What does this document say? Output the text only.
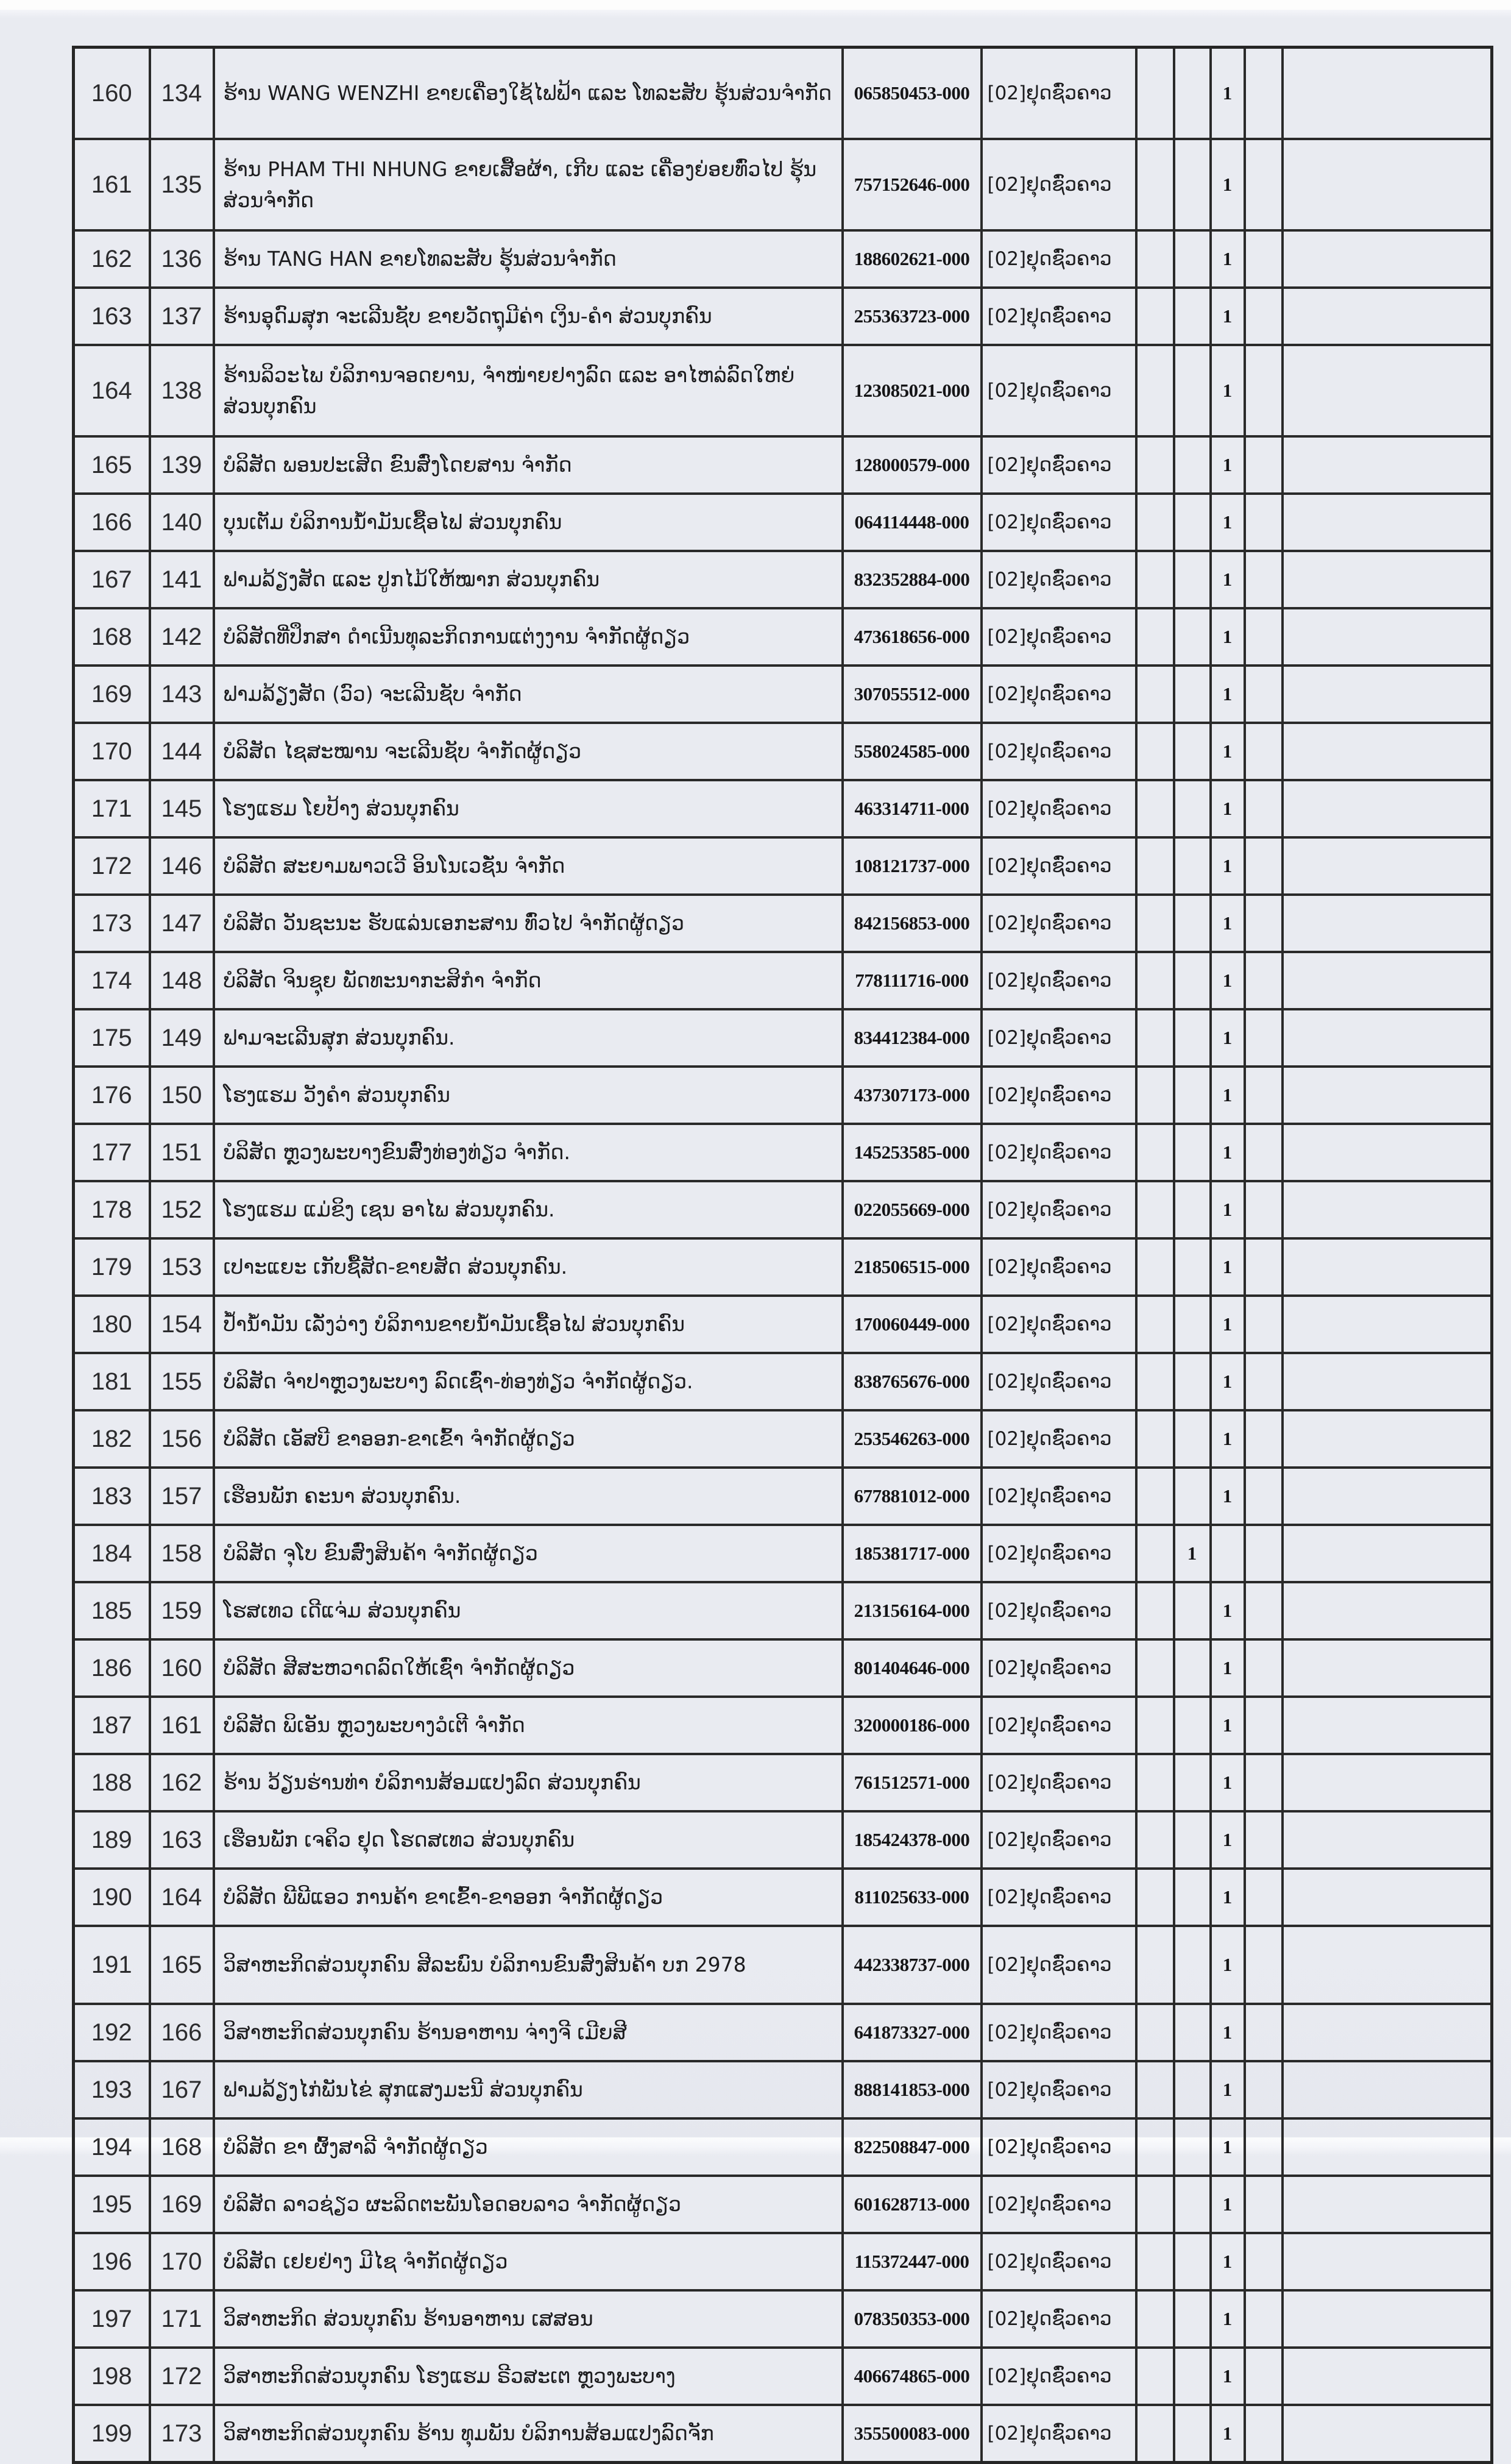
160	134	ຮ້ານ WANG WENZHI ຂາຍເຄື່ອງໃຊ້ໄຟຟ້າ ແລະ ໂທລະສັບ ຮຸ້ນສ່ວນຈຳກັດ	065850453-000	[02]ຢຸດຊົ່ວຄາວ			1		
161	135	ຮ້ານ PHAM THI NHUNG ຂາຍເສື້ອຜ້າ, ເກີບ ແລະ ເຄື່ອງຍ່ອຍທົ່ວໄປ ຮຸ້ນສ່ວນຈຳກັດ	757152646-000	[02]ຢຸດຊົ່ວຄາວ			1		
162	136	ຮ້ານ TANG HAN ຂາຍໂທລະສັບ ຮຸ້ນສ່ວນຈຳກັດ	188602621-000	[02]ຢຸດຊົ່ວຄາວ			1		
163	137	ຮ້ານອຸດົມສຸກ ຈະເລີນຊັບ ຂາຍວັດຖຸມີຄ່າ ເງິນ-ຄຳ ສ່ວນບຸກຄົນ	255363723-000	[02]ຢຸດຊົ່ວຄາວ			1		
164	138	ຮ້ານລິວະໄພ ບໍລິການຈອດຍານ, ຈຳໜ່າຍຢາງລົດ ແລະ ອາໄຫລ່ລົດໃຫຍ່ ສ່ວນບຸກຄົນ	123085021-000	[02]ຢຸດຊົ່ວຄາວ			1		
165	139	ບໍລິສັດ ພອນປະເສີດ ຂົນສົ່ງໂດຍສານ ຈຳກັດ	128000579-000	[02]ຢຸດຊົ່ວຄາວ			1		
166	140	ບຸນເຕັມ ບໍລິການນ້ຳມັນເຊື້ອໄຟ ສ່ວນບຸກຄົນ	064114448-000	[02]ຢຸດຊົ່ວຄາວ			1		
167	141	ຟາມລ້ຽງສັດ ແລະ ປູກໄມ້ໃຫ້ໝາກ ສ່ວນບຸກຄົນ	832352884-000	[02]ຢຸດຊົ່ວຄາວ			1		
168	142	ບໍລິສັດທີ່ປຶກສາ ດຳເນີນທຸລະກິດການແຕ່ງງານ ຈຳກັດຜູ້ດຽວ	473618656-000	[02]ຢຸດຊົ່ວຄາວ			1		
169	143	ຟາມລ້ຽງສັດ (ວົວ) ຈະເລີນຊັບ ຈຳກັດ	307055512-000	[02]ຢຸດຊົ່ວຄາວ			1		
170	144	ບໍລິສັດ ໄຊສະໝານ ຈະເລີນຊັບ ຈຳກັດຜູ້ດຽວ	558024585-000	[02]ຢຸດຊົ່ວຄາວ			1		
171	145	ໂຮງແຮມ ໂຍປ້າງ ສ່ວນບຸກຄົນ	463314711-000	[02]ຢຸດຊົ່ວຄາວ			1		
172	146	ບໍລິສັດ ສະຍາມພາວເວີ ອິນໂນເວຊັ່ນ ຈຳກັດ	108121737-000	[02]ຢຸດຊົ່ວຄາວ			1		
173	147	ບໍລິສັດ ວັນຊະນະ ຮັບແລ່ນເອກະສານ ທົ່ວໄປ ຈຳກັດຜູ້ດຽວ	842156853-000	[02]ຢຸດຊົ່ວຄາວ			1		
174	148	ບໍລິສັດ ຈິນຊຸຍ ພັດທະນາກະສິກຳ ຈຳກັດ	778111716-000	[02]ຢຸດຊົ່ວຄາວ			1		
175	149	ຟາມຈະເລີນສຸກ ສ່ວນບຸກຄົນ.	834412384-000	[02]ຢຸດຊົ່ວຄາວ			1		
176	150	ໂຮງແຮມ ວັງຄຳ ສ່ວນບຸກຄົນ	437307173-000	[02]ຢຸດຊົ່ວຄາວ			1		
177	151	ບໍລິສັດ ຫຼວງພະບາງຂົນສົ່ງທ່ອງທ່ຽວ ຈຳກັດ.	145253585-000	[02]ຢຸດຊົ່ວຄາວ			1		
178	152	ໂຮງແຮມ ແມ່ຂິງ ເຊນ ອາໄພ ສ່ວນບຸກຄົນ.	022055669-000	[02]ຢຸດຊົ່ວຄາວ			1		
179	153	ເປາະແຍະ ເກັບຊື້ສັດ-ຂາຍສັດ ສ່ວນບຸກຄົນ.	218506515-000	[02]ຢຸດຊົ່ວຄາວ			1		
180	154	ປ້ຳນ້ຳມັນ ເລັ່ງວ່າງ ບໍລິການຂາຍນ້ຳມັນເຊື້ອໄຟ ສ່ວນບຸກຄົນ	170060449-000	[02]ຢຸດຊົ່ວຄາວ			1		
181	155	ບໍລິສັດ ຈຳປາຫຼວງພະບາງ ລົດເຊົ່າ-ທ່ອງທ່ຽວ ຈຳກັດຜູ້ດຽວ.	838765676-000	[02]ຢຸດຊົ່ວຄາວ			1		
182	156	ບໍລິສັດ ເອັສບີ ຂາອອກ-ຂາເຂົ້າ ຈຳກັດຜູ້ດຽວ	253546263-000	[02]ຢຸດຊົ່ວຄາວ			1		
183	157	ເຮືອນພັກ ຄະນາ ສ່ວນບຸກຄົນ.	677881012-000	[02]ຢຸດຊົ່ວຄາວ			1		
184	158	ບໍລິສັດ ຈຸໂບ ຂົນສົ່ງສິນຄ້າ ຈຳກັດຜູ້ດຽວ	185381717-000	[02]ຢຸດຊົ່ວຄາວ		1			
185	159	ໂຮສເທວ ເດີແຈ່ມ ສ່ວນບຸກຄົນ	213156164-000	[02]ຢຸດຊົ່ວຄາວ			1		
186	160	ບໍລິສັດ ສີສະຫວາດລົດໃຫ້ເຊົ່າ ຈຳກັດຜູ້ດຽວ	801404646-000	[02]ຢຸດຊົ່ວຄາວ			1		
187	161	ບໍລິສັດ ພິເອັນ ຫຼວງພະບາງວໍເຕີ ຈຳກັດ	320000186-000	[02]ຢຸດຊົ່ວຄາວ			1		
188	162	ຮ້ານ ວ້ຽນຮ່ານທ່າ ບໍລິການສ້ອມແປງລົດ ສ່ວນບຸກຄົນ	761512571-000	[02]ຢຸດຊົ່ວຄາວ			1		
189	163	ເຮືອນພັກ ເຈຄິວ ຢຸດ ໂຮດສເທວ ສ່ວນບຸກຄົນ	185424378-000	[02]ຢຸດຊົ່ວຄາວ			1		
190	164	ບໍລິສັດ ພີພີແອວ ການຄ້າ ຂາເຂົ້າ-ຂາອອກ ຈຳກັດຜູ້ດຽວ	811025633-000	[02]ຢຸດຊົ່ວຄາວ			1		
191	165	ວິສາຫະກິດສ່ວນບຸກຄົນ ສີລະພົນ ບໍລິການຂົນສົ່ງສິນຄ້າ ບກ 2978	442338737-000	[02]ຢຸດຊົ່ວຄາວ			1		
192	166	ວິສາຫະກິດສ່ວນບຸກຄົນ ຮ້ານອາຫານ ຈ່າງຈີ ເມີຍສີ	641873327-000	[02]ຢຸດຊົ່ວຄາວ			1		
193	167	ຟາມລ້ຽງໄກ່ພັນໄຂ່ ສຸກແສງມະນີ ສ່ວນບຸກຄົນ	888141853-000	[02]ຢຸດຊົ່ວຄາວ			1		
194	168	ບໍລິສັດ ຂາ ຜົ້ງສາລີ ຈຳກັດຜູ້ດຽວ	822508847-000	[02]ຢຸດຊົ່ວຄາວ			1		
195	169	ບໍລິສັດ ລາວຊ່ຽວ ຜະລິດຕະພັນໂອດອບລາວ ຈຳກັດຜູ້ດຽວ	601628713-000	[02]ຢຸດຊົ່ວຄາວ			1		
196	170	ບໍລິສັດ ເຢຍຢ່າງ ມີໄຊ ຈຳກັດຜູ້ດຽວ	115372447-000	[02]ຢຸດຊົ່ວຄາວ			1		
197	171	ວິສາຫະກິດ ສ່ວນບຸກຄົນ ຮ້ານອາຫານ ເສສອນ	078350353-000	[02]ຢຸດຊົ່ວຄາວ			1		
198	172	ວິສາຫະກິດສ່ວນບຸກຄົນ ໂຮງແຮມ ຣີວສະເຕ ຫຼວງພະບາງ	406674865-000	[02]ຢຸດຊົ່ວຄາວ			1		
199	173	ວິສາຫະກິດສ່ວນບຸກຄົນ ຮ້ານ ທຸມພັນ ບໍລິການສ້ອມແປງລົດຈັກ	355500083-000	[02]ຢຸດຊົ່ວຄາວ			1		
